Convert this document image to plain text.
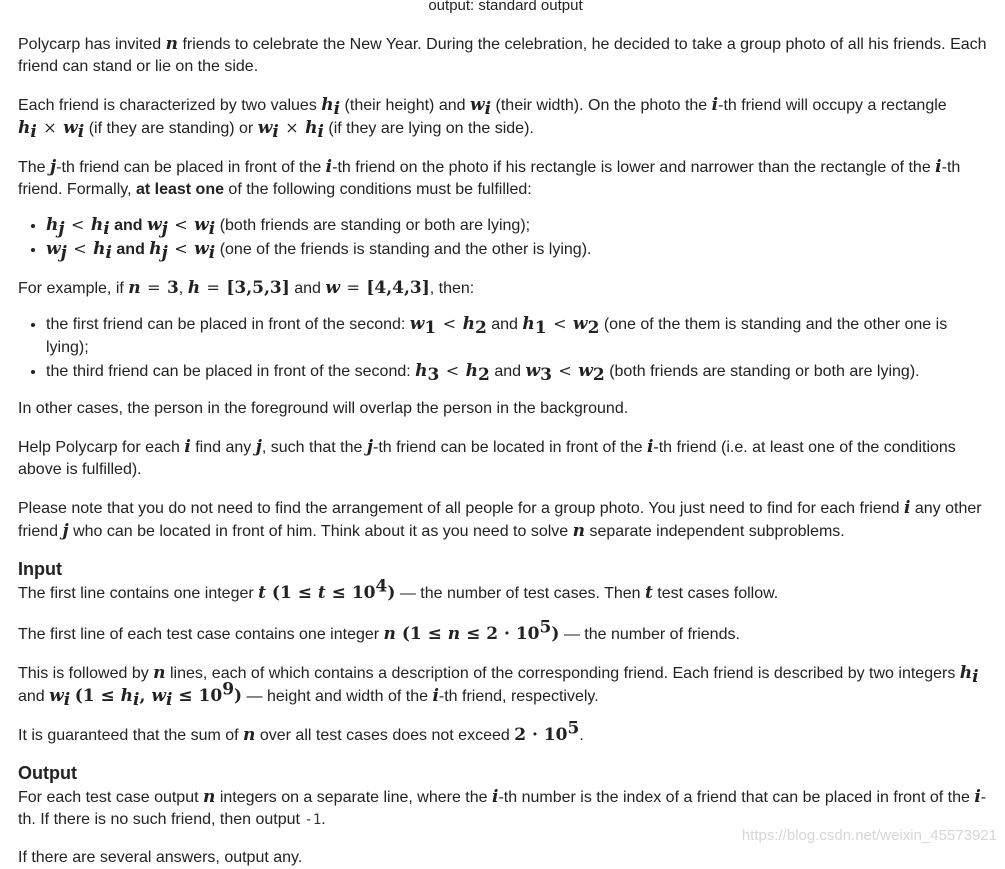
output: standard output

Polycarp has invited n friends to celebrate the New Year. During the celebration, he decided to take a group photo of all his friends. Each friend can stand or lie on the side.

Each friend is characterized by two values $h_i$ (their height) and $w_i$ (their width). On the photo the i-th friend will occupy a rectangle
$h_i \times w_i$ (if they are standing) or $w_i \times h_i$ (if they are lying on the side).

The j-th friend can be placed in front of the i-th friend on the photo if his rectangle is lower and narrower than the rectangle of the i-th friend. Formally, at least one of the following conditions must be fulfilled:

• $h_j < h_i$ and $w_j < w_i$ (both friends are standing or both are lying);
• $w_j < h_i$ and $h_j < w_i$ (one of the friends is standing and the other is lying).

For example, if n = 3, h = [3,5,3] and w = [4,4,3], then:

• the first friend can be placed in front of the second: $w_1 < h_2$ and $h_1 < w_2$ (one of the them is standing and the other one is lying);
• the third friend can be placed in front of the second: $h_3 < h_2$ and $w_3 < w_2$ (both friends are standing or both are lying).

In other cases, the person in the foreground will overlap the person in the background.

Help Polycarp for each i find any j, such that the j-th friend can be located in front of the i-th friend (i.e. at least one of the conditions above is fulfilled).

Please note that you do not need to find the arrangement of all people for a group photo. You just need to find for each friend i any other friend j who can be located in front of him. Think about it as you need to solve n separate independent subproblems.

Input

The first line contains one integer t $(1 \le t \le 10^4)$ — the number of test cases. Then t test cases follow.

The first line of each test case contains one integer n $(1 \le n \le 2 \cdot 10^5)$ — the number of friends.

This is followed by n lines, each of which contains a description of the corresponding friend. Each friend is described by two integers $h_i$
and $w_i$ ($1 \le h_i$, $w_i \le 10^9$) — height and width of the i-th friend, respectively.

It is guaranteed that the sum of n over all test cases does not exceed $2 \cdot 10^5$.

Output

For each test case output n integers on a separate line, where the i-th number is the index of a friend that can be placed in front of the i-th. If there is no such friend, then output -1.

If there are several answers, output any.

https://blog.csdn.net/weixin_45573921
